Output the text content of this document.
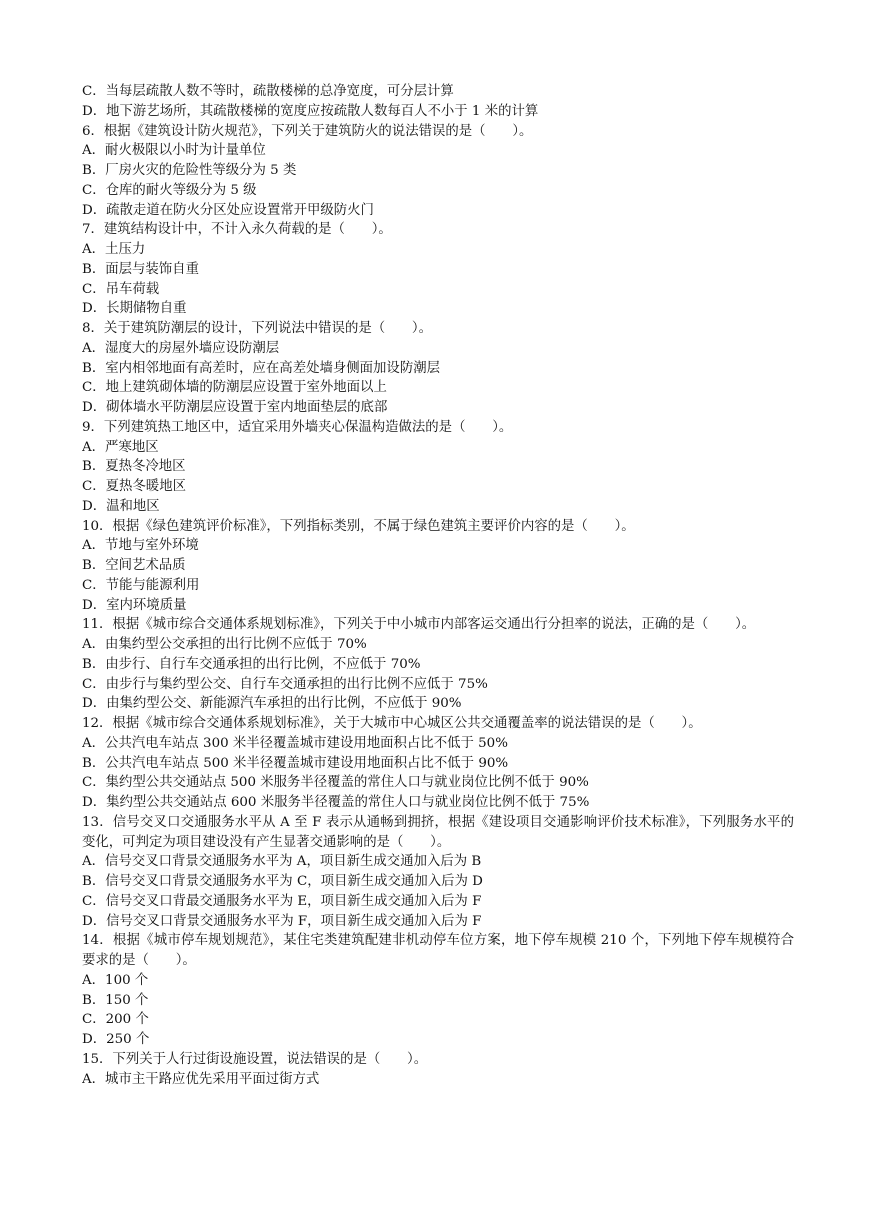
C．当每层疏散人数不等时，疏散楼梯的总净宽度，可分层计算

D．地下游艺场所，其疏散楼梯的宽度应按疏散人数每百人不小于 1 米的计算

6．根据《建筑设计防火规范》，下列关于建筑防火的说法错误的是（　　）。

A．耐火极限以小时为计量单位

B．厂房火灾的危险性等级分为 5 类

C．仓库的耐火等级分为 5 级

D．疏散走道在防火分区处应设置常开甲级防火门

7．建筑结构设计中，不计入永久荷载的是（　　）。

A．土压力

B．面层与装饰自重

C．吊车荷载

D．长期储物自重

8．关于建筑防潮层的设计，下列说法中错误的是（　　）。

A．湿度大的房屋外墙应设防潮层

B．室内相邻地面有高差时，应在高差处墙身侧面加设防潮层

C．地上建筑砌体墙的防潮层应设置于室外地面以上

D．砌体墙水平防潮层应设置于室内地面垫层的底部

9．下列建筑热工地区中，适宜采用外墙夹心保温构造做法的是（　　）。

A．严寒地区

B．夏热冬冷地区

C．夏热冬暖地区

D．温和地区

10．根据《绿色建筑评价标准》，下列指标类别，不属于绿色建筑主要评价内容的是（　　）。

A．节地与室外环境

B．空间艺术品质

C．节能与能源利用

D．室内环境质量

11．根据《城市综合交通体系规划标准》，下列关于中小城市内部客运交通出行分担率的说法，正确的是（　　）。

A．由集约型公交承担的出行比例不应低于 70%

B．由步行、自行车交通承担的出行比例，不应低于 70%

C．由步行与集约型公交、自行车交通承担的出行比例不应低于 75%

D．由集约型公交、新能源汽车承担的出行比例，不应低于 90%

12．根据《城市综合交通体系规划标准》，关于大城市中心城区公共交通覆盖率的说法错误的是（　　）。

A．公共汽电车站点 300 米半径覆盖城市建设用地面积占比不低于 50%

B．公共汽电车站点 500 米半径覆盖城市建设用地面积占比不低于 90%

C．集约型公共交通站点 500 米服务半径覆盖的常住人口与就业岗位比例不低于 90%

D．集约型公共交通站点 600 米服务半径覆盖的常住人口与就业岗位比例不低于 75%

13．信号交叉口交通服务水平从 A 至 F 表示从通畅到拥挤，根据《建设项目交通影响评价技术标准》，下列服务水平的变化，可判定为项目建设没有产生显著交通影响的是（　　）。

A．信号交叉口背景交通服务水平为 A，项目新生成交通加入后为 B

B．信号交叉口背景交通服务水平为 C，项目新生成交通加入后为 D

C．信号交叉口背最交通服务水平为 E，项目新生成交通加入后为 F

D．信号交叉口背景交通服务水平为 F，项目新生成交通加入后为 F

14．根据《城市停车规划规范》，某住宅类建筑配建非机动停车位方案，地下停车规模 210 个，下列地下停车规模符合要求的是（　　）。

A．100 个

B．150 个

C．200 个

D．250 个

15．下列关于人行过街设施设置，说法错误的是（　　）。

A．城市主干路应优先采用平面过街方式
